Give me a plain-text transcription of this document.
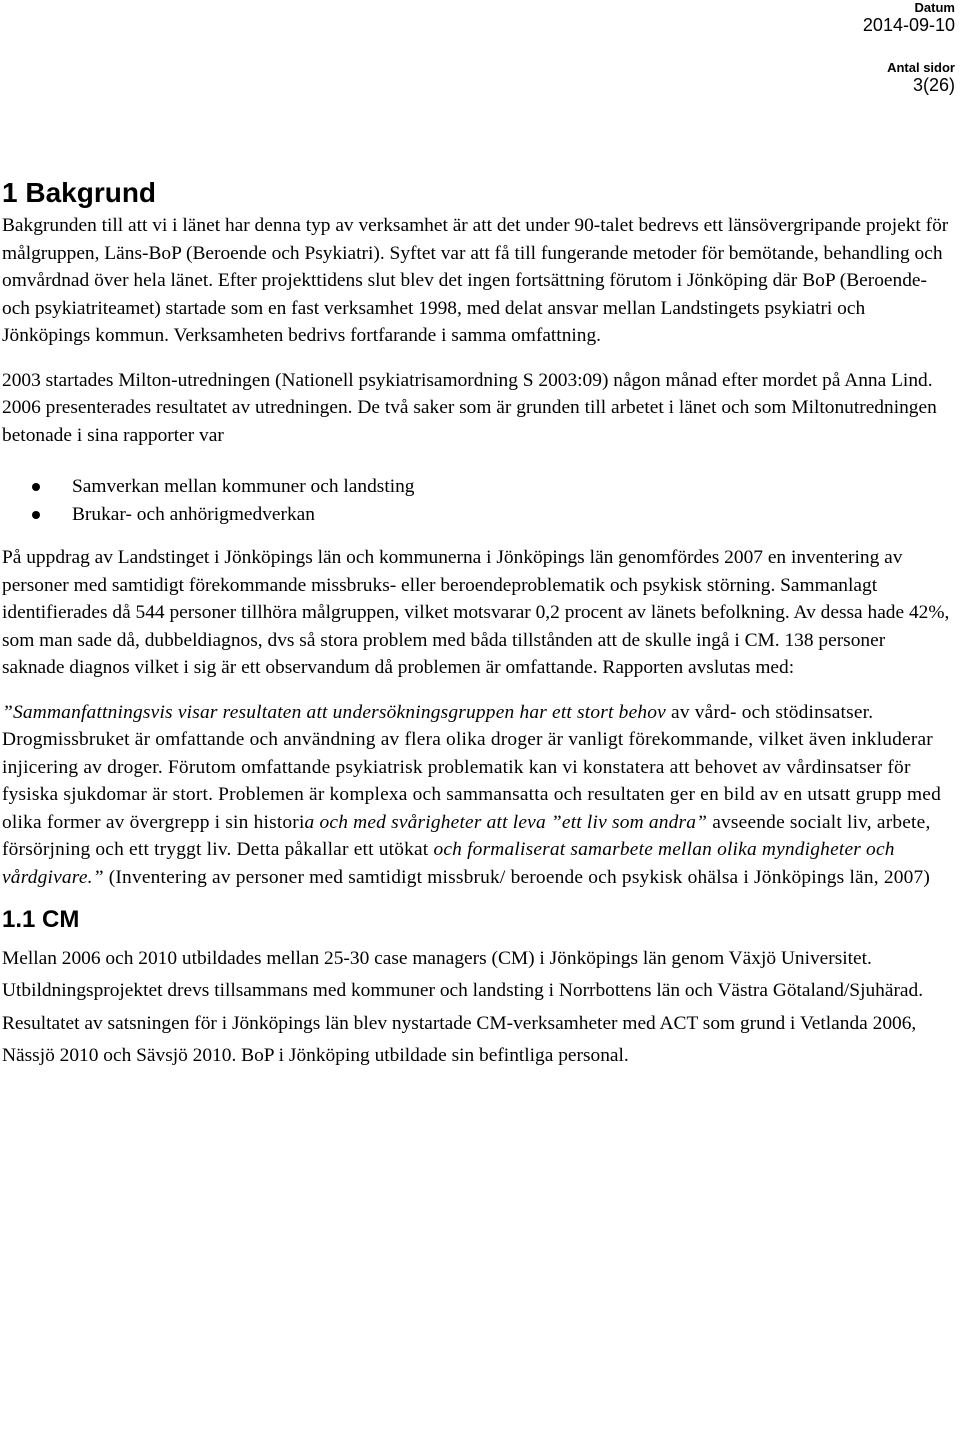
Datum
2014-09-10
Antal sidor
3(26)
1 Bakgrund

Bakgrunden till att vi i länet har denna typ av verksamhet är att det under 90-talet bedrevs ett länsövergripande projekt för målgruppen, Läns-BoP (Beroende och Psykiatri). Syftet var att få till fungerande metoder för bemötande, behandling och omvårdnad över hela länet. Efter projekttidens slut blev det ingen fortsättning förutom i Jönköping där BoP (Beroende- och psykiatriteamet) startade som en fast verksamhet 1998, med delat ansvar mellan Landstingets psykiatri och Jönköpings kommun. Verksamheten bedrivs fortfarande i samma omfattning.

2003 startades Milton-utredningen (Nationell psykiatrisamordning S 2003:09) någon månad efter mordet på Anna Lind. 2006 presenterades resultatet av utredningen. De två saker som är grunden till arbetet i länet och som Miltonutredningen betonade i sina rapporter var

Samverkan mellan kommuner och landsting
Brukar- och anhörigmedverkan

På uppdrag av Landstinget i Jönköpings län och kommunerna i Jönköpings län genomfördes 2007 en inventering av personer med samtidigt förekommande missbruks- eller beroendeproblematik och psykisk störning. Sammanlagt identifierades då 544 personer tillhöra målgruppen, vilket motsvarar 0,2 procent av länets befolkning. Av dessa hade 42%, som man sade då, dubbeldiagnos, dvs så stora problem med båda tillstånden att de skulle ingå i CM. 138 personer saknade diagnos vilket i sig är ett observandum då problemen är omfattande. Rapporten avslutas med:

”Sammanfattningsvis visar resultaten att undersökningsgruppen har ett stort behov av vård- och stödinsatser. Drogmissbruket är omfattande och användning av flera olika droger är vanligt förekommande, vilket även inkluderar injicering av droger. Förutom omfattande psykiatrisk problematik kan vi konstatera att behovet av vårdinsatser för fysiska sjukdomar är stort. Problemen är komplexa och sammansatta och resultaten ger en bild av en utsatt grupp med olika former av övergrepp i sin historia och med svårigheter att leva ”ett liv som andra” avseende socialt liv, arbete, försörjning och ett tryggt liv. Detta påkallar ett utökat och formaliserat samarbete mellan olika myndigheter och vårdgivare.” (Inventering av personer med samtidigt missbruk/ beroende och psykisk ohälsa i Jönköpings län, 2007)

1.1 CM

Mellan 2006 och 2010 utbildades mellan 25-30 case managers (CM) i Jönköpings län genom Växjö Universitet. Utbildningsprojektet drevs tillsammans med kommuner och landsting i Norrbottens län och Västra Götaland/Sjuhärad. Resultatet av satsningen för i Jönköpings län blev nystartade CM-verksamheter med ACT som grund i Vetlanda 2006, Nässjö 2010 och Sävsjö 2010. BoP i Jönköping utbildade sin befintliga personal.
